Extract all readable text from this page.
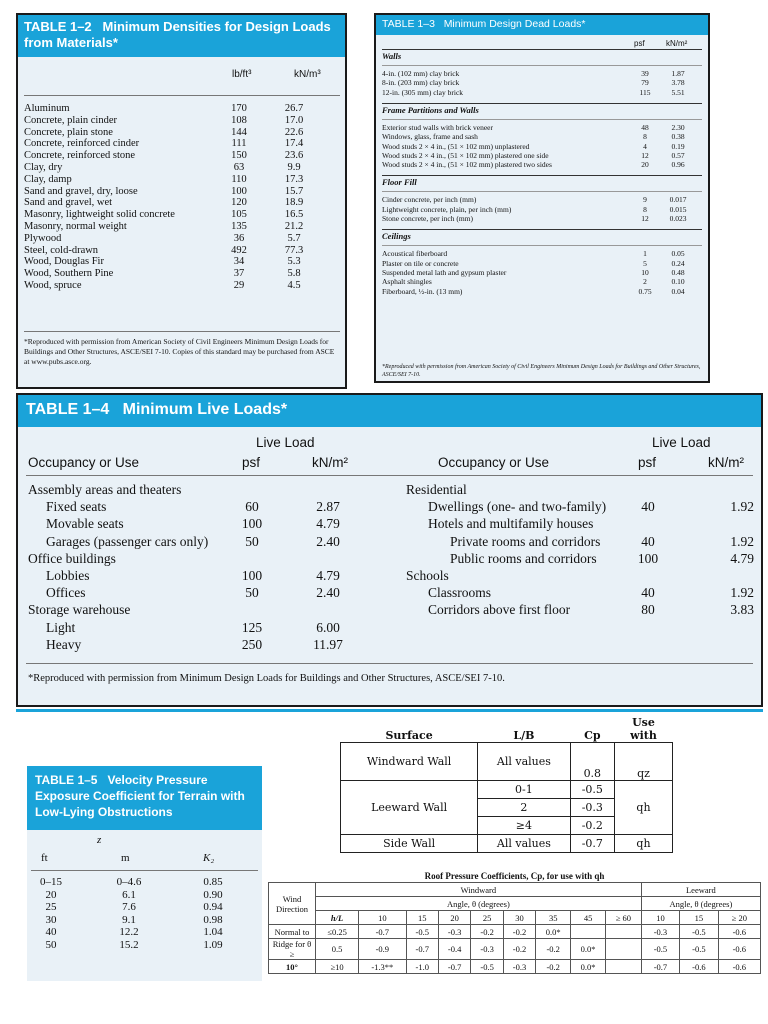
TABLE 1–2 Minimum Densities for Design Loads from Materials*
lb/ft³	kN/m³
Aluminum	170	26.7
Concrete, plain cinder	108	17.0
Concrete, plain stone	144	22.6
Concrete, reinforced cinder	111	17.4
Concrete, reinforced stone	150	23.6
Clay, dry	63	9.9
Clay, damp	110	17.3
Sand and gravel, dry, loose	100	15.7
Sand and gravel, wet	120	18.9
Masonry, lightweight solid concrete	105	16.5
Masonry, normal weight	135	21.2
Plywood	36	5.7
Steel, cold-drawn	492	77.3
Wood, Douglas Fir	34	5.3
Wood, Southern Pine	37	5.8
Wood, spruce	29	4.5
*Reproduced with permission from American Society of Civil Engineers Minimum Design Loads for Buildings and Other Structures, ASCE/SEI 7-10. Copies of this standard may be purchased from ASCE at www.pubs.asce.org.
TABLE 1–3 Minimum Design Dead Loads*
psf	kN/m²
*Reproduced with permission from American Society of Civil Engineers Minimum Design Loads for Buildings and Other Structures, ASCE/SEI 7-10.
Walls
4-in. (102 mm) clay brick	39	1.87
8-in. (203 mm) clay brick	79	3.78
12-in. (305 mm) clay brick	115	5.51
Frame Partitions and Walls
Exterior stud walls with brick veneer	48	2.30
Windows, glass, frame and sash	8	0.38
Wood studs 2 × 4 in., (51 × 102 mm) unplastered	4	0.19
Wood studs 2 × 4 in., (51 × 102 mm) plastered one side	12	0.57
Wood studs 2 × 4 in., (51 × 102 mm) plastered two sides	20	0.96
Floor Fill
Cinder concrete, per inch (mm)	9	0.017
Lightweight concrete, plain, per inch (mm)	8	0.015
Stone concrete, per inch (mm)	12	0.023
Ceilings
Acoustical fiberboard	1	0.05
Plaster on tile or concrete	5	0.24
Suspended metal lath and gypsum plaster	10	0.48
Asphalt shingles	2	0.10
Fiberboard, ½-in. (13 mm)	0.75	0.04
TABLE 1–4 Minimum Live Loads*
Live Load	Live Load
Occupancy or Use	psf	kN/m²	Occupancy or Use	psf	kN/m²
*Reproduced with permission from Minimum Design Loads for Buildings and Other Structures, ASCE/SEI 7-10.
Assembly areas and theaters
Fixed seats	60	2.87
Movable seats	100	4.79
Garages (passenger cars only)	50	2.40
Office buildings
Lobbies	100	4.79
Offices	50	2.40
Storage warehouse
Light	125	6.00
Heavy	250	11.97
Residential
Dwellings (one- and two-family)	40	1.92
Hotels and multifamily houses
Private rooms and corridors	40	1.92
Public rooms and corridors	100	4.79
Schools
Classrooms	40	1.92
Corridors above first floor	80	3.83
TABLE 1–5 Velocity Pressure Exposure Coefficient for Terrain with Low-Lying Obstructions
z
ft	m	K₂
0–15	0–4.6	0.85
20	6.1	0.90
25	7.6	0.94
30	9.1	0.98
40	12.2	1.04
50	15.2	1.09
Surface	L/B	Cp	Use with
Windward Wall	All values	0.8	qz
Leeward Wall	0-1	-0.5	qh
	2	-0.3	
	≥4	-0.2	
Side Wall	All values	-0.7	qh
Roof Pressure Coefficients, Cp, for use with qh
Wind Direction	Windward									Leeward		
	Angle, θ (degrees)									Angle, θ (degrees)		
	h/L	10	15	20	25	30	35	45	≥ 60	10	15	≥ 20
Normal to	≤0.25	-0.7	-0.5	-0.3	-0.2	-0.2	0.0*			-0.3	-0.5	-0.6
Ridge for θ ≥	0.5	-0.9	-0.7	-0.4	-0.3	-0.2	-0.2	0.0*		-0.5	-0.5	-0.6
10°	≥10	-1.3**	-1.0	-0.7	-0.5	-0.3	-0.2	0.0*		-0.7	-0.6	-0.6
